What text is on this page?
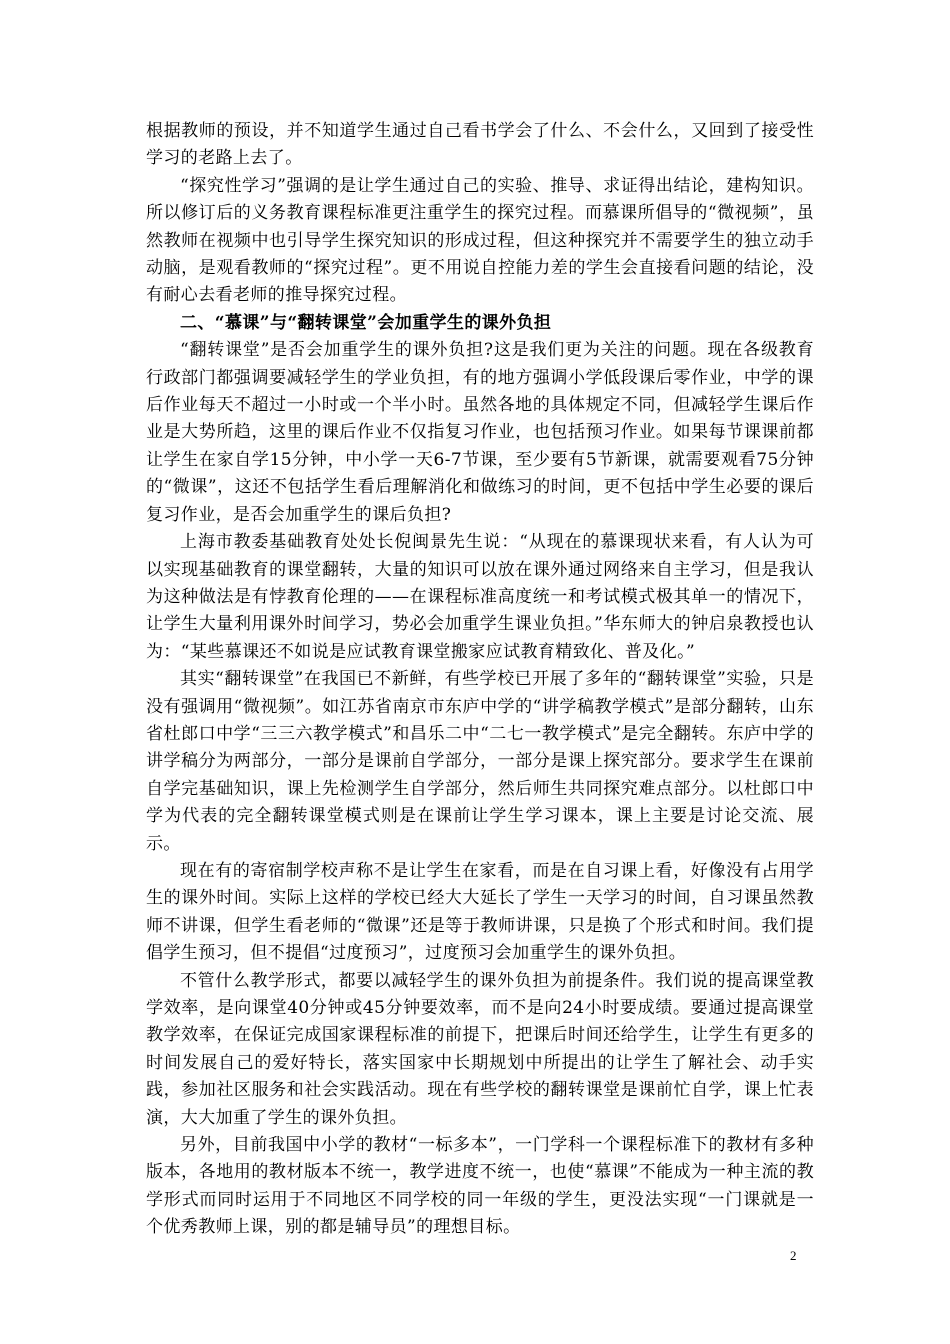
根据教师的预设，并不知道学生通过自己看书学会了什么、不会什么，又回到了接受性学习的老路上去了。

“探究性学习”强调的是让学生通过自己的实验、推导、求证得出结论，建构知识。所以修订后的义务教育课程标准更注重学生的探究过程。而慕课所倡导的“微视频”，虽然教师在视频中也引导学生探究知识的形成过程，但这种探究并不需要学生的独立动手动脑，是观看教师的“探究过程”。更不用说自控能力差的学生会直接看问题的结论，没有耐心去看老师的推导探究过程。

二、“慕课”与“翻转课堂”会加重学生的课外负担

“翻转课堂”是否会加重学生的课外负担?这是我们更为关注的问题。现在各级教育行政部门都强调要减轻学生的学业负担，有的地方强调小学低段课后零作业，中学的课后作业每天不超过一小时或一个半小时。虽然各地的具体规定不同，但减轻学生课后作业是大势所趋，这里的课后作业不仅指复习作业，也包括预习作业。如果每节课课前都让学生在家自学15分钟，中小学一天6-7节课，至少要有5节新课，就需要观看75分钟的“微课”，这还不包括学生看后理解消化和做练习的时间，更不包括中学生必要的课后复习作业，是否会加重学生的课后负担?

上海市教委基础教育处处长倪闽景先生说：“从现在的慕课现状来看，有人认为可以实现基础教育的课堂翻转，大量的知识可以放在课外通过网络来自主学习，但是我认为这种做法是有悖教育伦理的——在课程标准高度统一和考试模式极其单一的情况下，让学生大量利用课外时间学习，势必会加重学生课业负担。”华东师大的钟启泉教授也认为：“某些慕课还不如说是应试教育课堂搬家应试教育精致化、普及化。”

其实“翻转课堂”在我国已不新鲜，有些学校已开展了多年的“翻转课堂”实验，只是没有强调用“微视频”。如江苏省南京市东庐中学的“讲学稿教学模式”是部分翻转，山东省杜郎口中学“三三六教学模式”和昌乐二中“二七一教学模式”是完全翻转。东庐中学的讲学稿分为两部分，一部分是课前自学部分，一部分是课上探究部分。要求学生在课前自学完基础知识，课上先检测学生自学部分，然后师生共同探究难点部分。以杜郎口中学为代表的完全翻转课堂模式则是在课前让学生学习课本，课上主要是讨论交流、展示。

现在有的寄宿制学校声称不是让学生在家看，而是在自习课上看，好像没有占用学生的课外时间。实际上这样的学校已经大大延长了学生一天学习的时间，自习课虽然教师不讲课，但学生看老师的“微课”还是等于教师讲课，只是换了个形式和时间。我们提倡学生预习，但不提倡“过度预习”，过度预习会加重学生的课外负担。

不管什么教学形式，都要以减轻学生的课外负担为前提条件。我们说的提高课堂教学效率，是向课堂40分钟或45分钟要效率，而不是向24小时要成绩。要通过提高课堂教学效率，在保证完成国家课程标准的前提下，把课后时间还给学生，让学生有更多的时间发展自己的爱好特长，落实国家中长期规划中所提出的让学生了解社会、动手实践，参加社区服务和社会实践活动。现在有些学校的翻转课堂是课前忙自学，课上忙表演，大大加重了学生的课外负担。

另外，目前我国中小学的教材“一标多本”，一门学科一个课程标准下的教材有多种版本，各地用的教材版本不统一，教学进度不统一，也使“慕课”不能成为一种主流的教学形式而同时运用于不同地区不同学校的同一年级的学生，更没法实现“一门课就是一个优秀教师上课，别的都是辅导员”的理想目标。

2
